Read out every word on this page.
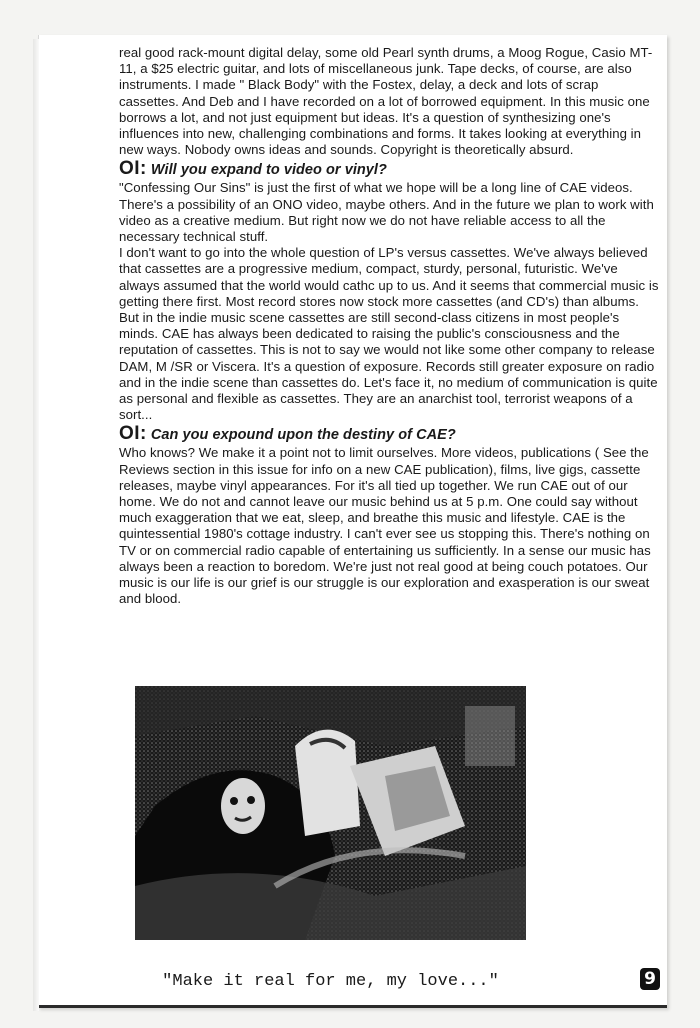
real good rack-mount digital delay, some old Pearl synth drums, a Moog Rogue, Casio MT-11, a $25 electric guitar, and lots of miscellaneous junk. Tape decks, of course, are also instruments. I made " Black Body" with the Fostex, delay, a deck and lots of scrap cassettes. And Deb and I have recorded on a lot of borrowed equipment. In this music one borrows a lot, and not just equipment but ideas. It's a question of synthesizing one's influences into new, challenging combinations and forms. It takes looking at everything in new ways. Nobody owns ideas and sounds. Copyright is theoretically absurd.

OI: Will you expand to video or vinyl?

"Confessing Our Sins" is just the first of what we hope will be a long line of CAE videos. There's a possibility of an ONO video, maybe others. And in the future we plan to work with video as a creative medium. But right now we do not have reliable access to all the necessary technical stuff.

I don't want to go into the whole question of LP's versus cassettes. We've always believed that cassettes are a progressive medium, compact, sturdy, personal, futuristic. We've always assumed that the world would cathc up to us. And it seems that commercial music is getting there first. Most record stores now stock more cassettes (and CD's) than albums. But in the indie music scene cassettes are still second-class citizens in most people's minds. CAE has always been dedicated to raising the public's consciousness and the reputation of cassettes. This is not to say we would not like some other company to release DAM, M /SR or Viscera. It's a question of exposure. Records still greater exposure on radio and in the indie scene than cassettes do. Let's face it, no medium of communication is quite as personal and flexible as cassettes. They are an anarchist tool, terrorist weapons of a sort...

OI: Can you expound upon the destiny of CAE?

Who knows? We make it a point not to limit ourselves. More videos, publications ( See the Reviews section in this issue for info on a new CAE publication), films, live gigs, cassette releases, maybe vinyl appearances. For it's all tied up together. We run CAE out of our home. We do not and cannot leave our music behind us at 5 p.m. One could say without much exaggeration that we eat, sleep, and breathe this music and lifestyle. CAE is the quintessential 1980's cottage industry. I can't ever see us stopping this. There's nothing on TV or on commercial radio capable of entertaining us sufficiently. In a sense our music has always been a reaction to boredom. We're just not real good at being couch potatoes. Our music is our life is our grief is our struggle is our exploration and exasperation is our sweat and blood.

"Make it real for me, my love..."	9
